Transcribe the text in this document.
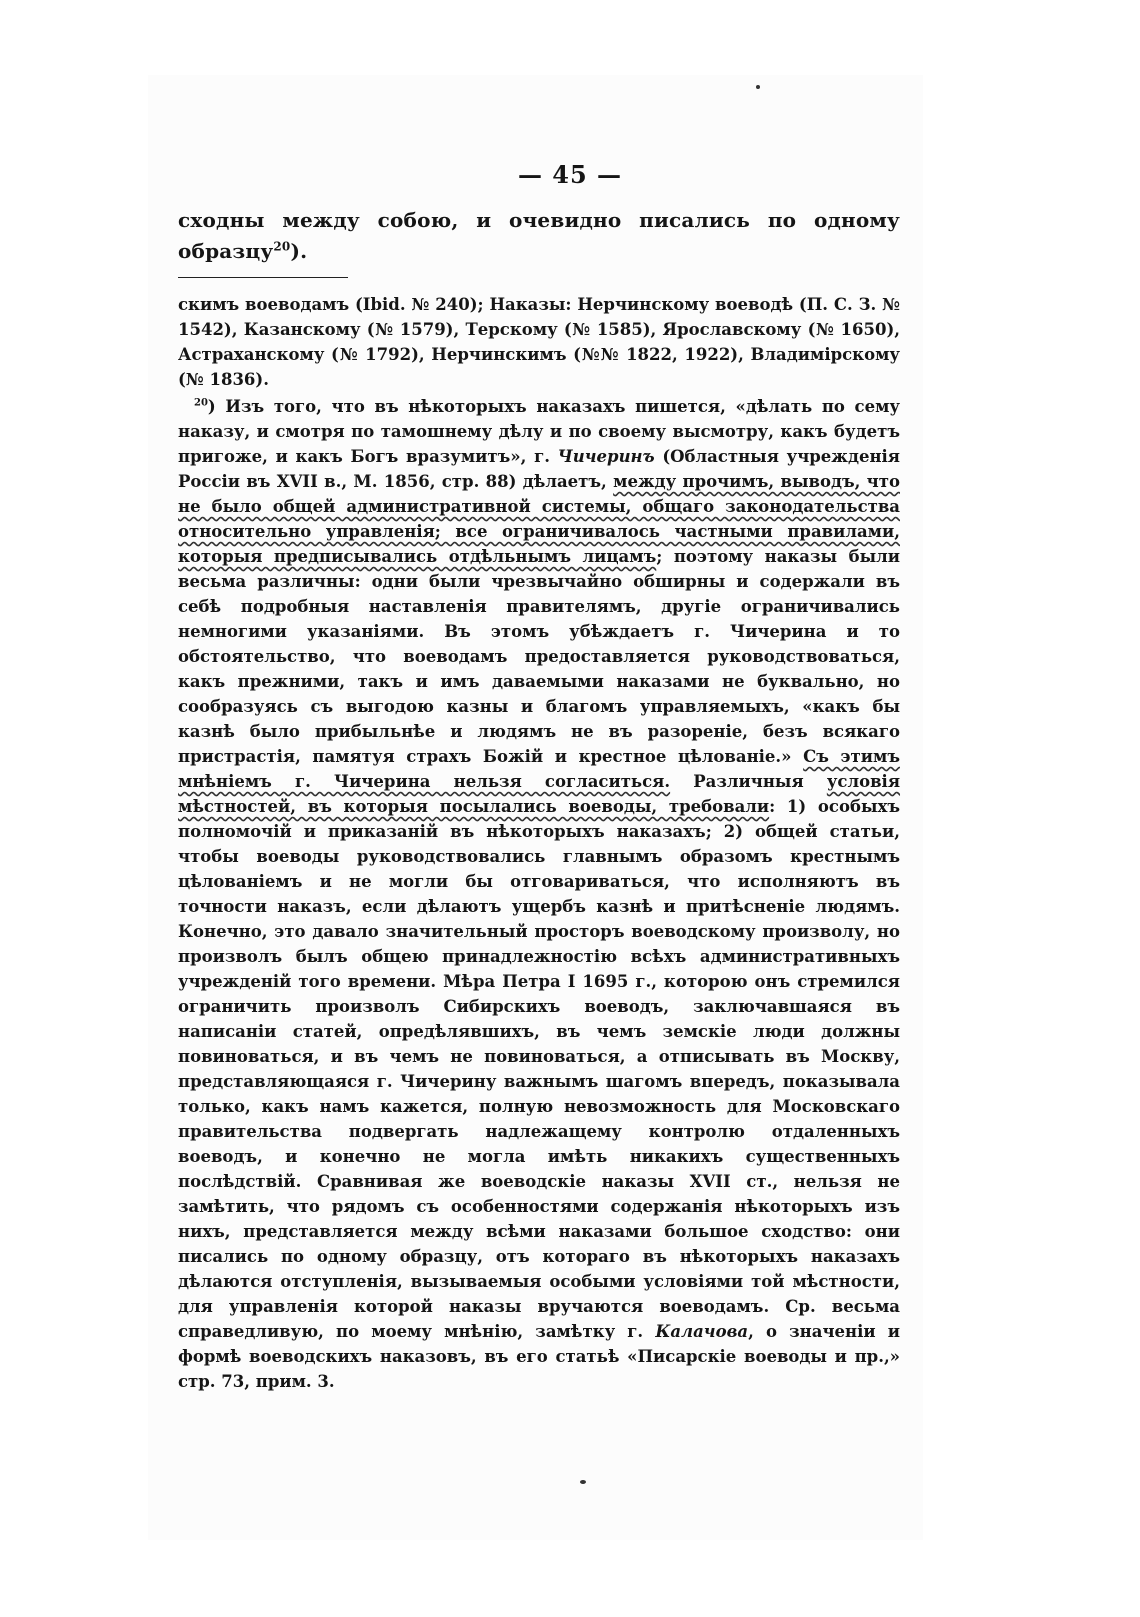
— 45 —
сходны между собою, и очевидно писались по одному образцу$^{20}$).

скимъ воеводамъ (Ibid. № 240); Наказы: Нерчинскому воеводѣ (П. С. З. № 1542), Казанскому (№ 1579), Терскому (№ 1585), Ярославскому (№ 1650), Астраханскому (№ 1792), Нерчинскимъ (№№ 1822, 1922), Владимірскому (№ 1836).

$^{20}$) Изъ того, что въ нѣкоторыхъ наказахъ пишется, «дѣлать по сему наказу, и смотря по тамошнему дѣлу и по своему высмотру, какъ будетъ пригоже, и какъ Богъ вразумитъ», г. Чичеринъ (Областныя учрежденія Россіи въ XVII в., М. 1856, стр. 88) дѣлаетъ, между прочимъ, выводъ, что не было общей административной системы, общаго законодательства относительно управленія; все ограничивалось частными правилами, которыя предписывались отдѣльнымъ лицамъ; поэтому наказы были весьма различны: одни были чрезвычайно обширны и содержали въ себѣ подробныя наставленія правителямъ, другіе ограничивались немногими указаніями. Въ этомъ убѣждаетъ г. Чичерина и то обстоятельство, что воеводамъ предоставляется руководствоваться, какъ прежними, такъ и имъ даваемыми наказами не буквально, но сообразуясь съ выгодою казны и благомъ управляемыхъ, «какъ бы казнѣ было прибыльнѣе и людямъ не въ разореніе, безъ всякаго пристрастія, памятуя страхъ Божій и крестное цѣлованіе.» Съ этимъ мнѣніемъ г. Чичерина нельзя согласиться. Различныя условія мѣстностей, въ которыя посылались воеводы, требовали: 1) особыхъ полномочій и приказаній въ нѣкоторыхъ наказахъ; 2) общей статьи, чтобы воеводы руководствовались главнымъ образомъ крестнымъ цѣлованіемъ и не могли бы отговариваться, что исполняютъ въ точности наказъ, если дѣлаютъ ущербъ казнѣ и притѣсненіе людямъ. Конечно, это давало значительный просторъ воеводскому произволу, но произволъ былъ общею принадлежностію всѣхъ административныхъ учрежденій того времени. Мѣра Петра I 1695 г., которою онъ стремился ограничить произволъ Сибирскихъ воеводъ, заключавшаяся въ написаніи статей, опредѣлявшихъ, въ чемъ земскіе люди должны повиноваться, и въ чемъ не повиноваться, а отписывать въ Москву, представляющаяся г. Чичерину важнымъ шагомъ впередъ, показывала только, какъ намъ кажется, полную невозможность для Московскаго правительства подвергать надлежащему контролю отдаленныхъ воеводъ, и конечно не могла имѣть никакихъ существенныхъ послѣдствій. Сравнивая же воеводскіе наказы XVII ст., нельзя не замѣтить, что рядомъ съ особенностями содержанія нѣкоторыхъ изъ нихъ, представляется между всѣми наказами большое сходство: они писались по одному образцу, отъ котораго въ нѣкоторыхъ наказахъ дѣлаются отступленія, вызываемыя особыми условіями той мѣстности, для управленія которой наказы вручаются воеводамъ. Ср. весьма справедливую, по моему мнѣнію, замѣтку г. Калачова, о значеніи и формѣ воеводскихъ наказовъ, въ его статьѣ «Писарскіе воеводы и пр.,» стр. 73, прим. 3.
